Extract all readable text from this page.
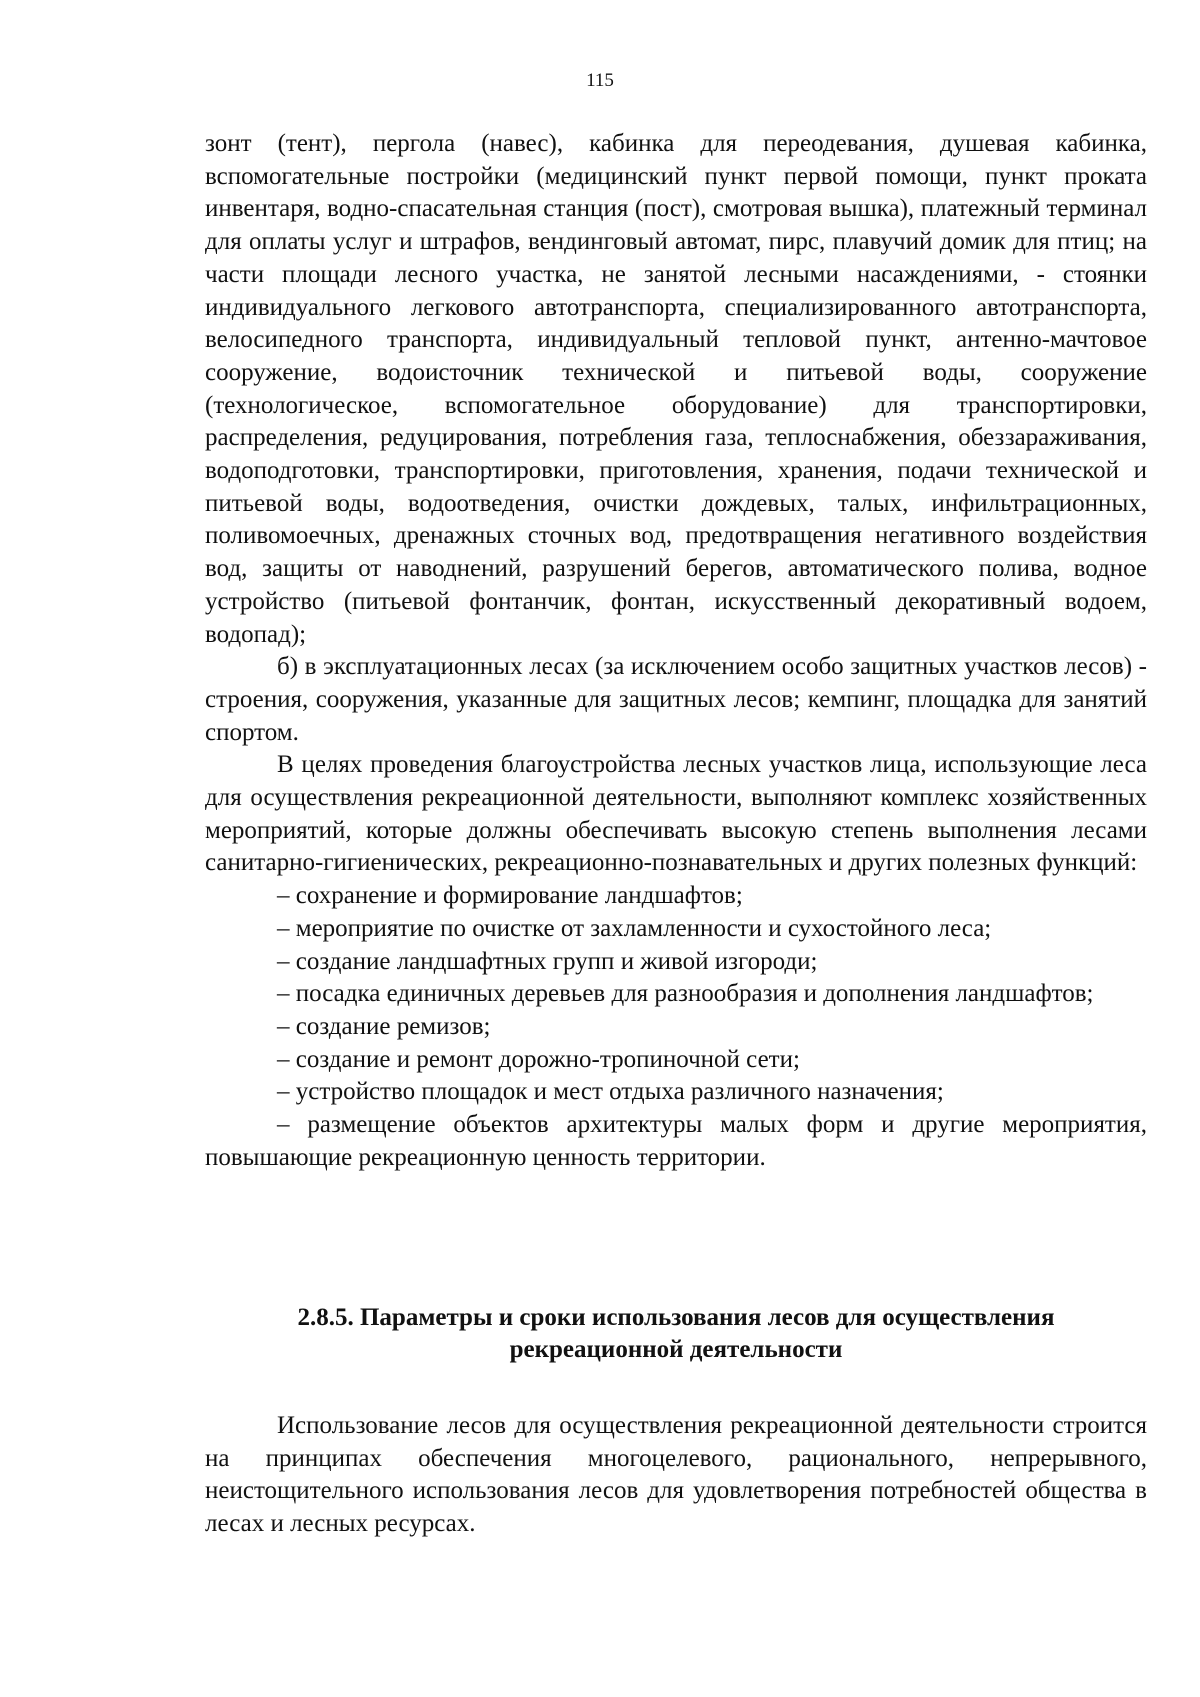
115

зонт (тент), пергола (навес), кабинка для переодевания, душевая кабинка, вспомогательные постройки (медицинский пункт первой помощи, пункт проката инвентаря, водно-спасательная станция (пост), смотровая вышка), платежный терминал для оплаты услуг и штрафов, вендинговый автомат, пирс, плавучий домик для птиц; на части площади лесного участка, не занятой лесными насаждениями, - стоянки индивидуального легкового автотранспорта, специализированного автотранспорта, велосипедного транспорта, индивидуальный тепловой пункт, антенно-мачтовое сооружение, водоисточник технической и питьевой воды, сооружение (технологическое, вспомогательное оборудование) для транспортировки, распределения, редуцирования, потребления газа, теплоснабжения, обеззараживания, водоподготовки, транспортировки, приготовления, хранения, подачи технической и питьевой воды, водоотведения, очистки дождевых, талых, инфильтрационных, поливомоечных, дренажных сточных вод, предотвращения негативного воздействия вод, защиты от наводнений, разрушений берегов, автоматического полива, водное устройство (питьевой фонтанчик, фонтан, искусственный декоративный водоем, водопад);

б) в эксплуатационных лесах (за исключением особо защитных участков лесов) - строения, сооружения, указанные для защитных лесов; кемпинг, площадка для занятий спортом.

В целях проведения благоустройства лесных участков лица, использующие леса для осуществления рекреационной деятельности, выполняют комплекс хозяйственных мероприятий, которые должны обеспечивать высокую степень выполнения лесами санитарно-гигиенических, рекреационно-познавательных и других полезных функций:

– сохранение и формирование ландшафтов;

– мероприятие по очистке от захламленности и сухостойного леса;

– создание ландшафтных групп и живой изгороди;

– посадка единичных деревьев для разнообразия и дополнения ландшафтов;

– создание ремизов;

– создание и ремонт дорожно-тропиночной сети;

– устройство площадок и мест отдыха различного назначения;

– размещение объектов архитектуры малых форм и другие мероприятия, повышающие рекреационную ценность территории.

2.8.5. Параметры и сроки использования лесов для осуществления
рекреационной деятельности

Использование лесов для осуществления рекреационной деятельности строится на принципах обеспечения многоцелевого, рационального, непрерывного, неистощительного использования лесов для удовлетворения потребностей общества в лесах и лесных ресурсах.
